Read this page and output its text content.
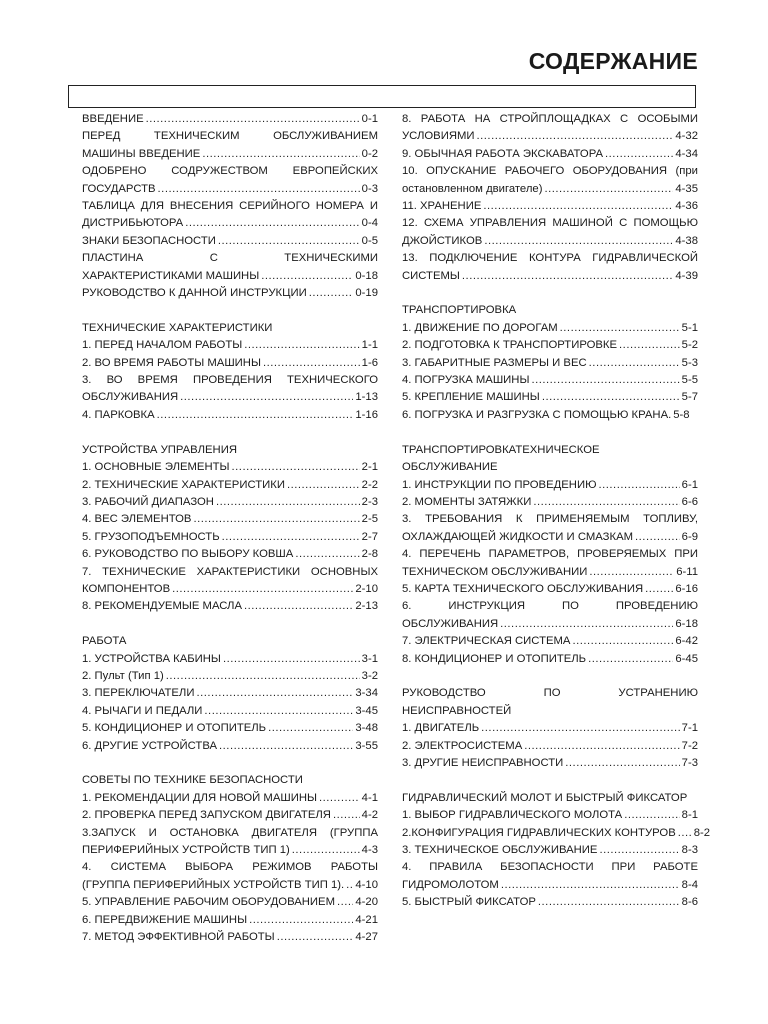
СОДЕРЖАНИЕ
ВВЕДЕНИЕ .....	0-1
ПЕРЕД ТЕХНИЧЕСКИМ ОБСЛУЖИВАНИЕМ
МАШИНЫ ВВЕДЕНИЕ .....	0-2
ОДОБРЕНО СОДРУЖЕСТВОМ ЕВРОПЕЙСКИХ
ГОСУДАРСТВ .....	0-3
ТАБЛИЦА ДЛЯ ВНЕСЕНИЯ СЕРИЙНОГО НОМЕРА И
ДИСТРИБЬЮТОРА .....	0-4
ЗНАКИ БЕЗОПАСНОСТИ .....	0-5
ПЛАСТИНА С ТЕХНИЧЕСКИМИ
ХАРАКТЕРИСТИКАМИ МАШИНЫ .....	0-18
РУКОВОДСТВО К ДАННОЙ ИНСТРУКЦИИ .....	0-19
ТЕХНИЧЕСКИЕ ХАРАКТЕРИСТИКИ
1. ПЕРЕД НАЧАЛОМ РАБОТЫ .....	1-1
2. ВО ВРЕМЯ РАБОТЫ МАШИНЫ .....	1-6
3. ВО ВРЕМЯ ПРОВЕДЕНИЯ ТЕХНИЧЕСКОГО
ОБСЛУЖИВАНИЯ .....	1-13
4. ПАРКОВКА .....	1-16
УСТРОЙСТВА УПРАВЛЕНИЯ
1. ОСНОВНЫЕ ЭЛЕМЕНТЫ .....	2-1
2. ТЕХНИЧЕСКИЕ ХАРАКТЕРИСТИКИ .....	2-2
3. РАБОЧИЙ ДИАПАЗОН .....	2-3
4. ВЕС ЭЛЕМЕНТОВ .....	2-5
5. ГРУЗОПОДЪЕМНОСТЬ .....	2-7
6. РУКОВОДСТВО ПО ВЫБОРУ КОВША .....	2-8
7. ТЕХНИЧЕСКИЕ ХАРАКТЕРИСТИКИ ОСНОВНЫХ
КОМПОНЕНТОВ .....	2-10
8. РЕКОМЕНДУЕМЫЕ МАСЛА .....	2-13
РАБОТА
1. УСТРОЙСТВА КАБИНЫ .....	3-1
2. Пульт (Тип 1) .....	3-2
3. ПЕРЕКЛЮЧАТЕЛИ .....	3-34
4. РЫЧАГИ И ПЕДАЛИ .....	3-45
5. КОНДИЦИОНЕР И ОТОПИТЕЛЬ .....	3-48
6. ДРУГИЕ УСТРОЙСТВА .....	3-55
СОВЕТЫ ПО ТЕХНИКЕ БЕЗОПАСНОСТИ
1. РЕКОМЕНДАЦИИ ДЛЯ НОВОЙ МАШИНЫ .....	4-1
2. ПРОВЕРКА ПЕРЕД ЗАПУСКОМ ДВИГАТЕЛЯ .....	4-2
3.ЗАПУСК И ОСТАНОВКА ДВИГАТЕЛЯ (ГРУППА
ПЕРИФЕРИЙНЫХ УСТРОЙСТВ ТИП 1) .....	4-3
4. СИСТЕМА ВЫБОРА РЕЖИМОВ РАБОТЫ
(ГРУППА ПЕРИФЕРИЙНЫХ УСТРОЙСТВ ТИП 1). ..... 4-10
5. УПРАВЛЕНИЕ РАБОЧИМ ОБОРУДОВАНИЕМ ..... 4-20
6. ПЕРЕДВИЖЕНИЕ МАШИНЫ .....	4-21
7. МЕТОД ЭФФЕКТИВНОЙ РАБОТЫ .....	4-27
8. РАБОТА НА СТРОЙПЛОЩАДКАХ С ОСОБЫМИ
УСЛОВИЯМИ .....	4-32
9. ОБЫЧНАЯ РАБОТА ЭКСКАВАТОРА .....	4-34
10. ОПУСКАНИЕ РАБОЧЕГО ОБОРУДОВАНИЯ (при
остановленном двигателе) .....	4-35
11. ХРАНЕНИЕ .....	4-36
12. СХЕМА УПРАВЛЕНИЯ МАШИНОЙ С ПОМОЩЬЮ
ДЖОЙСТИКОВ .....	4-38
13. ПОДКЛЮЧЕНИЕ КОНТУРА ГИДРАВЛИЧЕСКОЙ
СИСТЕМЫ .....	4-39
ТРАНСПОРТИРОВКА
1. ДВИЖЕНИЕ ПО ДОРОГАМ .....	5-1
2. ПОДГОТОВКА К ТРАНСПОРТИРОВКЕ .....	5-2
3. ГАБАРИТНЫЕ РАЗМЕРЫ И ВЕС .....	5-3
4. ПОГРУЗКА МАШИНЫ .....	5-5
5. КРЕПЛЕНИЕ МАШИНЫ .....	5-7
6. ПОГРУЗКА И РАЗГРУЗКА С ПОМОЩЬЮ КРАНА. 5-8
ТРАНСПОРТИРОВКАТЕХНИЧЕСКОЕ
ОБСЛУЖИВАНИЕ
1. ИНСТРУКЦИИ ПО ПРОВЕДЕНИЮ .....	6-1
2. МОМЕНТЫ ЗАТЯЖКИ .....	6-6
3. ТРЕБОВАНИЯ К ПРИМЕНЯЕМЫМ ТОПЛИВУ,
ОХЛАЖДАЮЩЕЙ ЖИДКОСТИ И СМАЗКАМ .....	6-9
4. ПЕРЕЧЕНЬ ПАРАМЕТРОВ, ПРОВЕРЯЕМЫХ ПРИ
ТЕХНИЧЕСКОМ ОБСЛУЖИВАНИИ .....	6-11
5. КАРТА ТЕХНИЧЕСКОГО ОБСЛУЖИВАНИЯ .....	6-16
6. ИНСТРУКЦИЯ ПО ПРОВЕДЕНИЮ
ОБСЛУЖИВАНИЯ .....	6-18
7. ЭЛЕКТРИЧЕСКАЯ СИСТЕМА .....	6-42
8. КОНДИЦИОНЕР И ОТОПИТЕЛЬ .....	6-45
РУКОВОДСТВО ПО УСТРАНЕНИЮ
НЕИСПРАВНОСТЕЙ
1. ДВИГАТЕЛЬ .....	7-1
2. ЭЛЕКТРОСИСТЕМА .....	7-2
3. ДРУГИЕ НЕИСПРАВНОСТИ .....	7-3
ГИДРАВЛИЧЕСКИЙ МОЛОТ И БЫСТРЫЙ ФИКСАТОР
1. ВЫБОР ГИДРАВЛИЧЕСКОГО МОЛОТА .....	8-1
2.КОНФИГУРАЦИЯ ГИДРАВЛИЧЕСКИХ КОНТУРОВ ..... 8-2
3. ТЕХНИЧЕСКОЕ ОБСЛУЖИВАНИЕ .....	8-3
4. ПРАВИЛА БЕЗОПАСНОСТИ ПРИ РАБОТЕ
ГИДРОМОЛОТОМ .....	8-4
5. БЫСТРЫЙ ФИКСАТОР .....	8-6
